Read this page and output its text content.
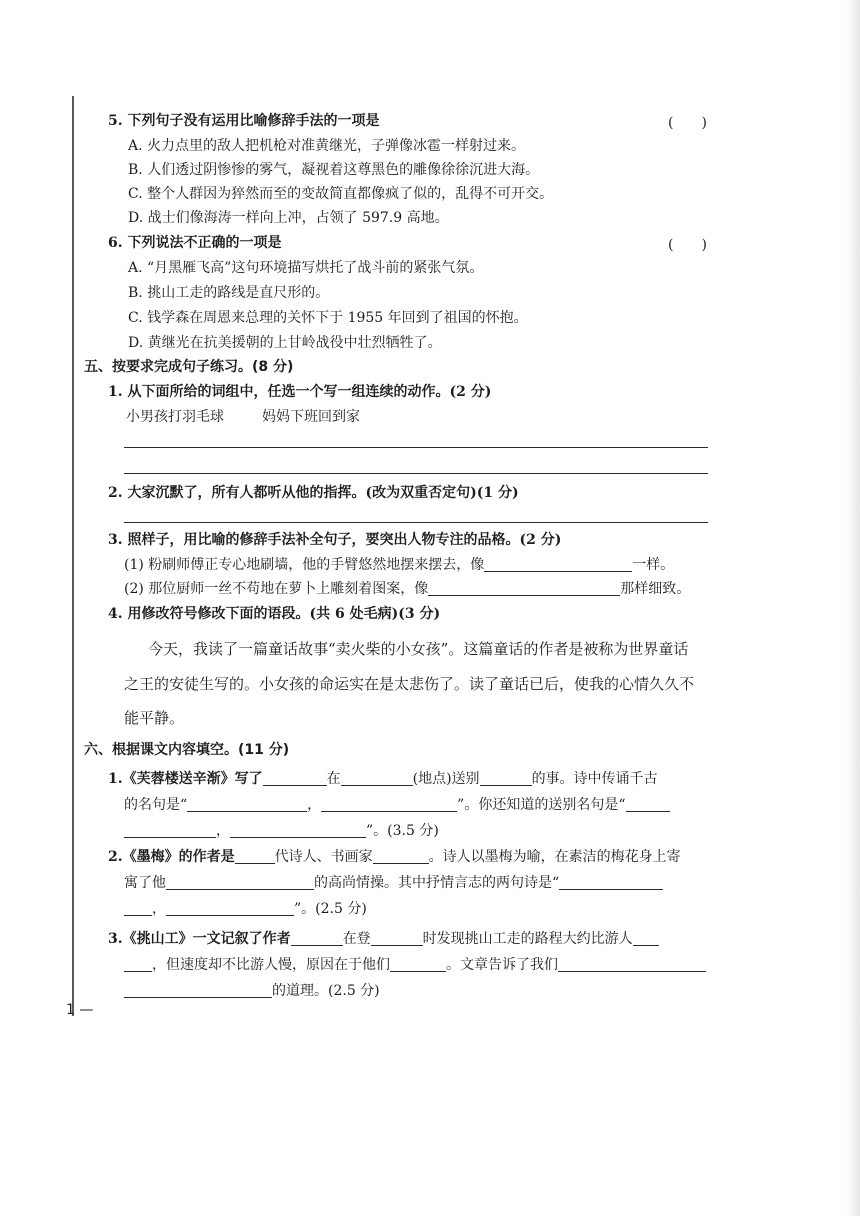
5. 下列句子没有运用比喻修辞手法的一项是	(　　)
A. 火力点里的敌人把机枪对准黄继光，子弹像冰雹一样射过来。
B. 人们透过阴惨惨的雾气，凝视着这尊黑色的雕像徐徐沉进大海。
C. 整个人群因为猝然而至的变故简直都像疯了似的，乱得不可开交。
D. 战士们像海涛一样向上冲，占领了 597.9 高地。
6. 下列说法不正确的一项是	(　　)
A. “月黑雁飞高”这句环境描写烘托了战斗前的紧张气氛。
B. 挑山工走的路线是直尺形的。
C. 钱学森在周恩来总理的关怀下于 1955 年回到了祖国的怀抱。
D. 黄继光在抗美援朝的上甘岭战役中壮烈牺牲了。
五、按要求完成句子练习。(8 分)
1. 从下面所给的词组中，任选一个写一组连续的动作。(2 分)
小男孩打羽毛球	妈妈下班回到家
2. 大家沉默了，所有人都听从他的指挥。(改为双重否定句)(1 分)
3. 照样子，用比喻的修辞手法补全句子，要突出人物专注的品格。(2 分)
(1) 粉刷师傅正专心地刷墙，他的手臂悠然地摆来摆去，像	一样。
(2) 那位厨师一丝不苟地在萝卜上雕刻着图案，像	那样细致。
4. 用修改符号修改下面的语段。(共 6 处毛病)(3 分)
今天，我读了一篇童话故事“卖火柴的小女孩”。这篇童话的作者是被称为世界童话
之王的安徒生写的。小女孩的命运实在是太悲伤了。读了童话已后，使我的心情久久不
能平静。
六、根据课文内容填空。(11 分)
1.《芙蓉楼送辛渐》写了	在	(地点)送别	的事。诗中传诵千古
的名句是“	，	”。你还知道的送别名句是“
，	”。(3.5 分)
2.《墨梅》的作者是	代诗人、书画家	。诗人以墨梅为喻，在素洁的梅花身上寄
寓了他	的高尚情操。其中抒情言志的两句诗是“
，	”。(2.5 分)
3.《挑山工》一文记叙了作者	在登	时发现挑山工走的路程大约比游人
，但速度却不比游人慢，原因在于他们	。文章告诉了我们
的道理。(2.5 分)
1 —
